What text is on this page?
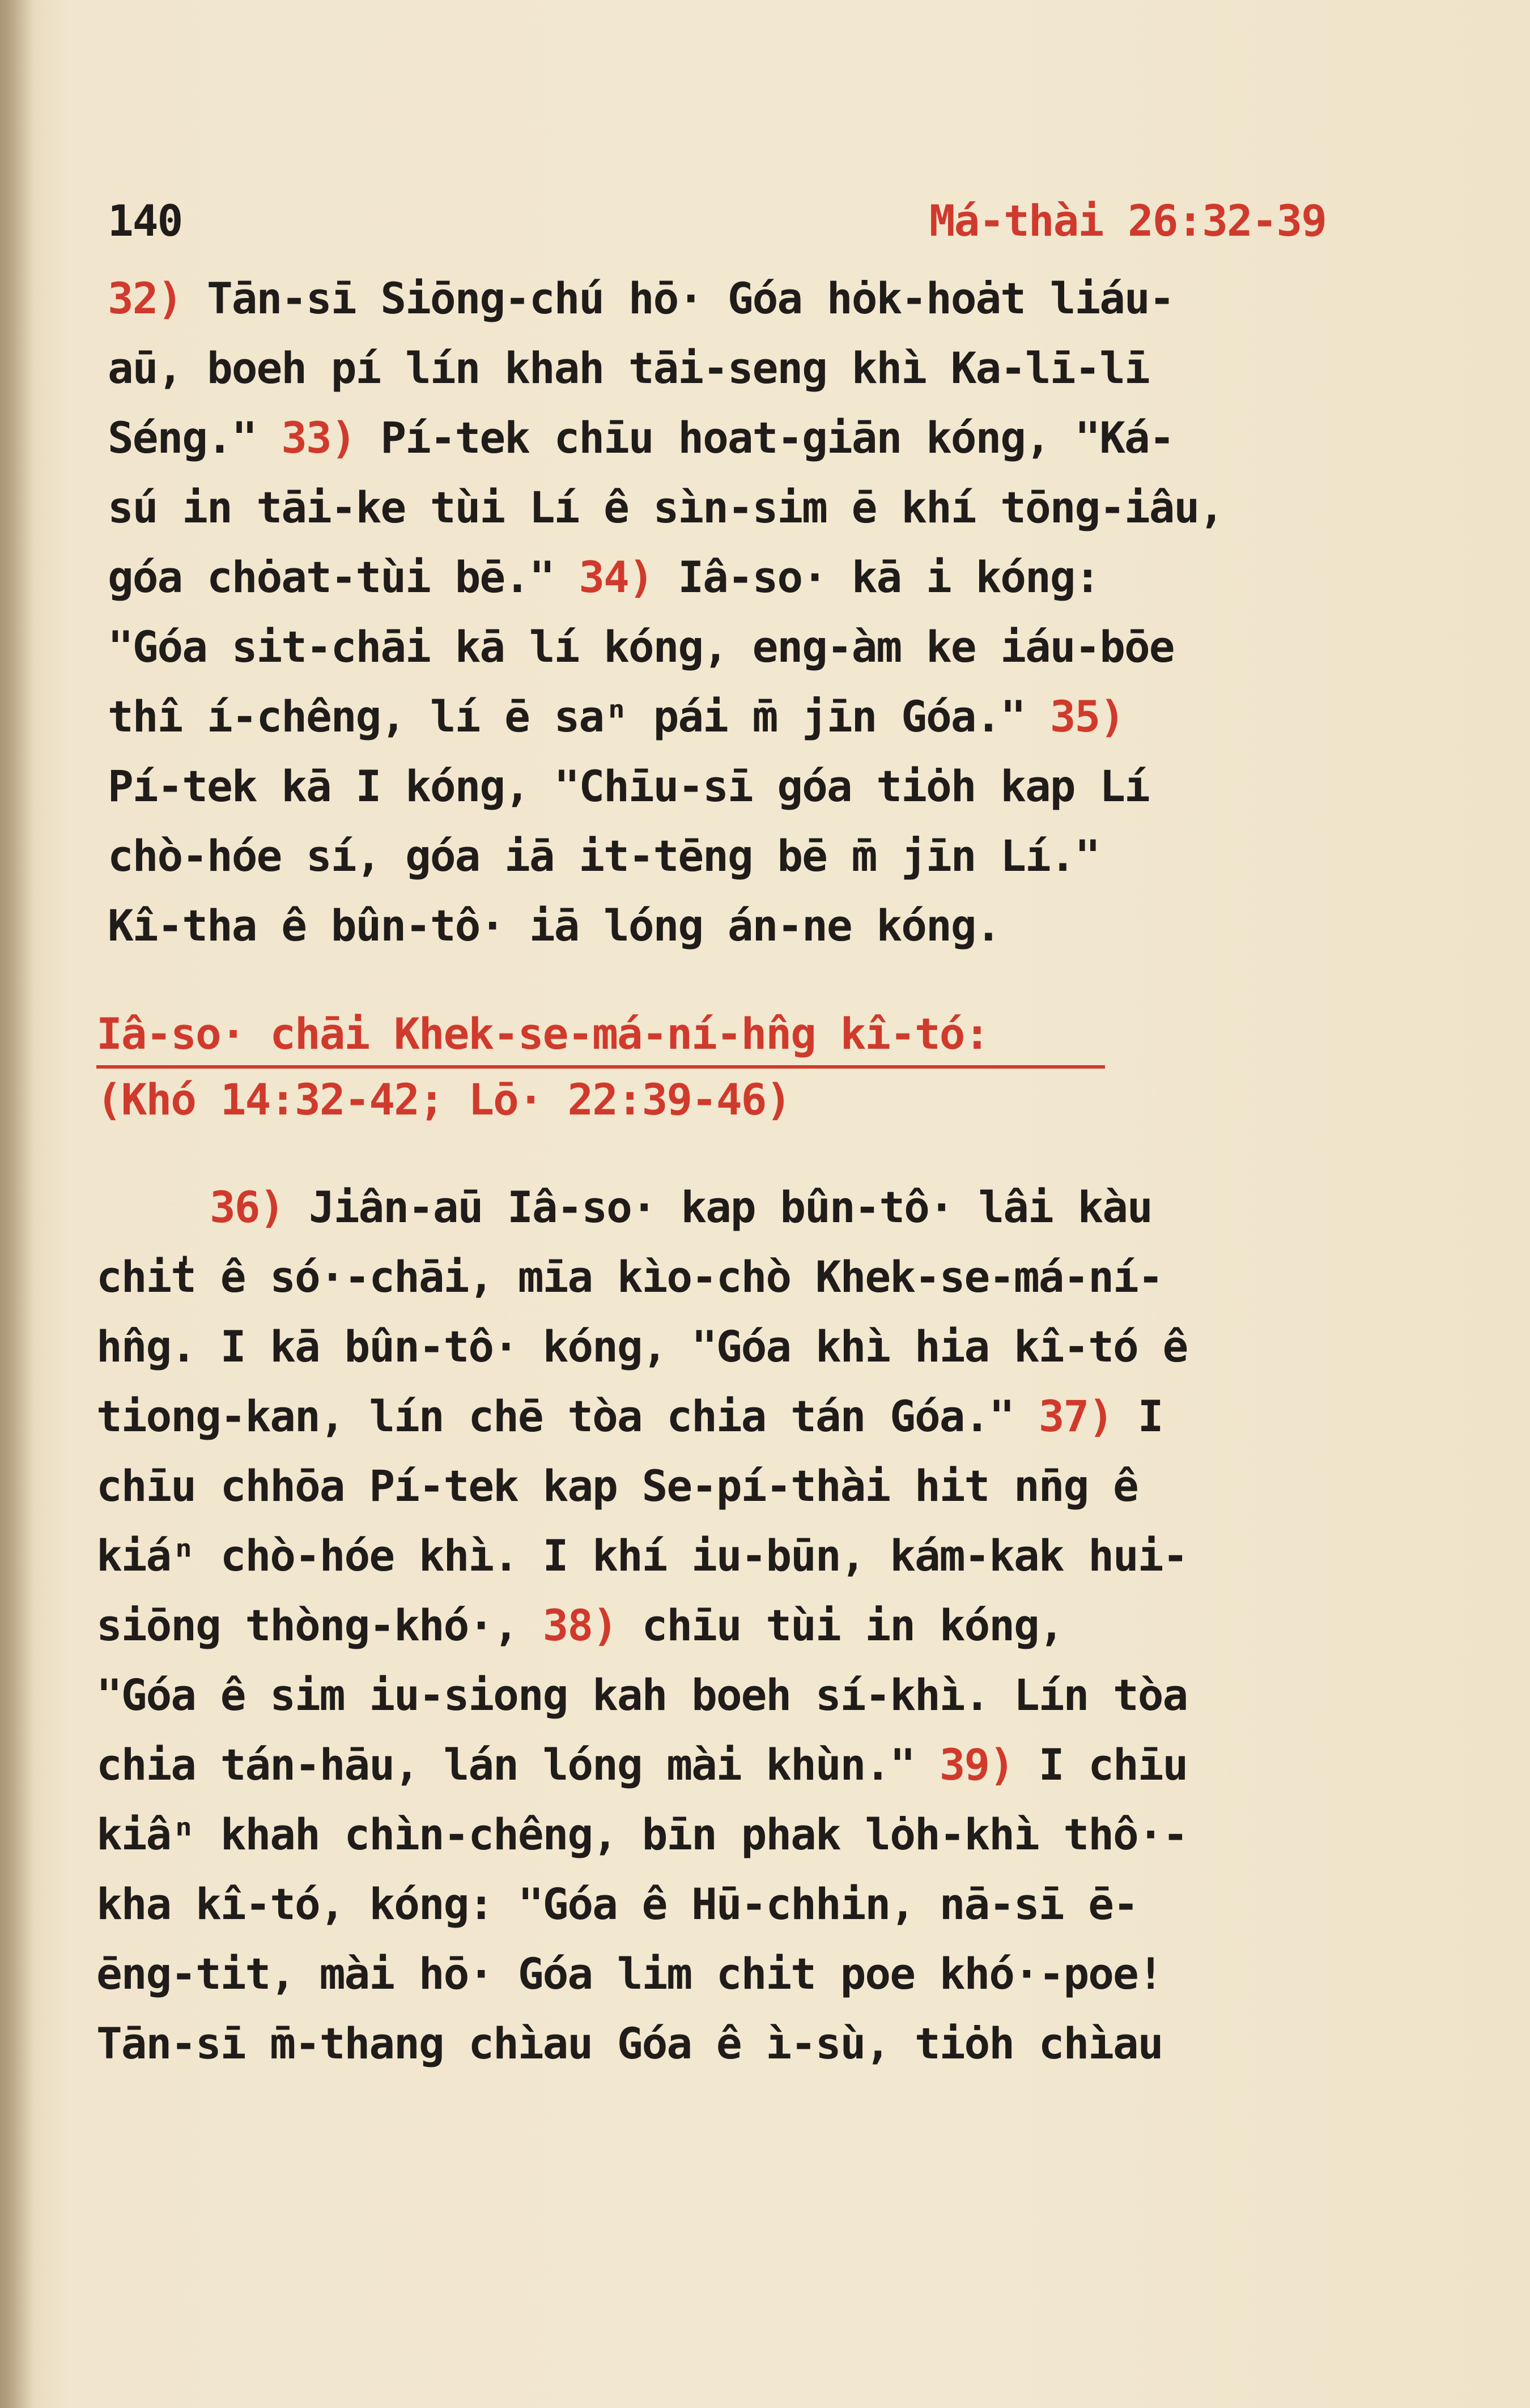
140	Má-thài 26:32-39
32) Tān-sī Siōng-chú hō· Góa hȯk-hoȧt liáu-
aū, boeh pí lín khah tāi-seng khì Ka-lī-lī
Séng." 33) Pí-tek chīu hoat-giān kóng, "Ká-
sú in tāi-ke tùi Lí ê sìn-sim ē khí tōng-iâu,
góa chȯat-tùi bē." 34) Iâ-so· kā i kóng:
"Góa sit-chāi kā lí kóng, eng-àm ke iáu-bōe
thî í-chêng, lí ē saⁿ pái m̄ jīn Góa." 35)
Pí-tek kā I kóng, "Chīu-sī góa tiȯh kap Lí
chò-hóe sí, góa iā it-tēng bē m̄ jīn Lí."
Kî-tha ê bûn-tô· iā lóng án-ne kóng.
Iâ-so· chāi Khek-se-má-ní-hn̂g kî-tó:
(Khó 14:32-42; Lō· 22:39-46)
36) Jiân-aū Iâ-so· kap bûn-tô· lâi kàu
chi̍t ê só·-chāi, mīa kìo-chò Khek-se-má-ní-
hn̂g. I kā bûn-tô· kóng, "Góa khì hia kî-tó ê
tiong-kan, lín chē tòa chia tán Góa." 37) I
chīu chhōa Pí-tek kap Se-pí-thài hit nn̄g ê
kiáⁿ chò-hóe khì. I khí iu-būn, kám-kak hui-
siōng thòng-khó·, 38) chīu tùi in kóng,
"Góa ê sim iu-siong kah boeh sí-khì. Lín tòa
chia tán-hāu, lán lóng mài khùn." 39) I chīu
kiâⁿ khah chìn-chêng, bīn phak lȯh-khì thô·-
kha kî-tó, kóng: "Góa ê Hū-chhin, nā-sī ē-
ēng-tit, mài hō· Góa lim chit poe khó·-poe!
Tān-sī m̄-thang chìau Góa ê ì-sù, tiȯh chìau
